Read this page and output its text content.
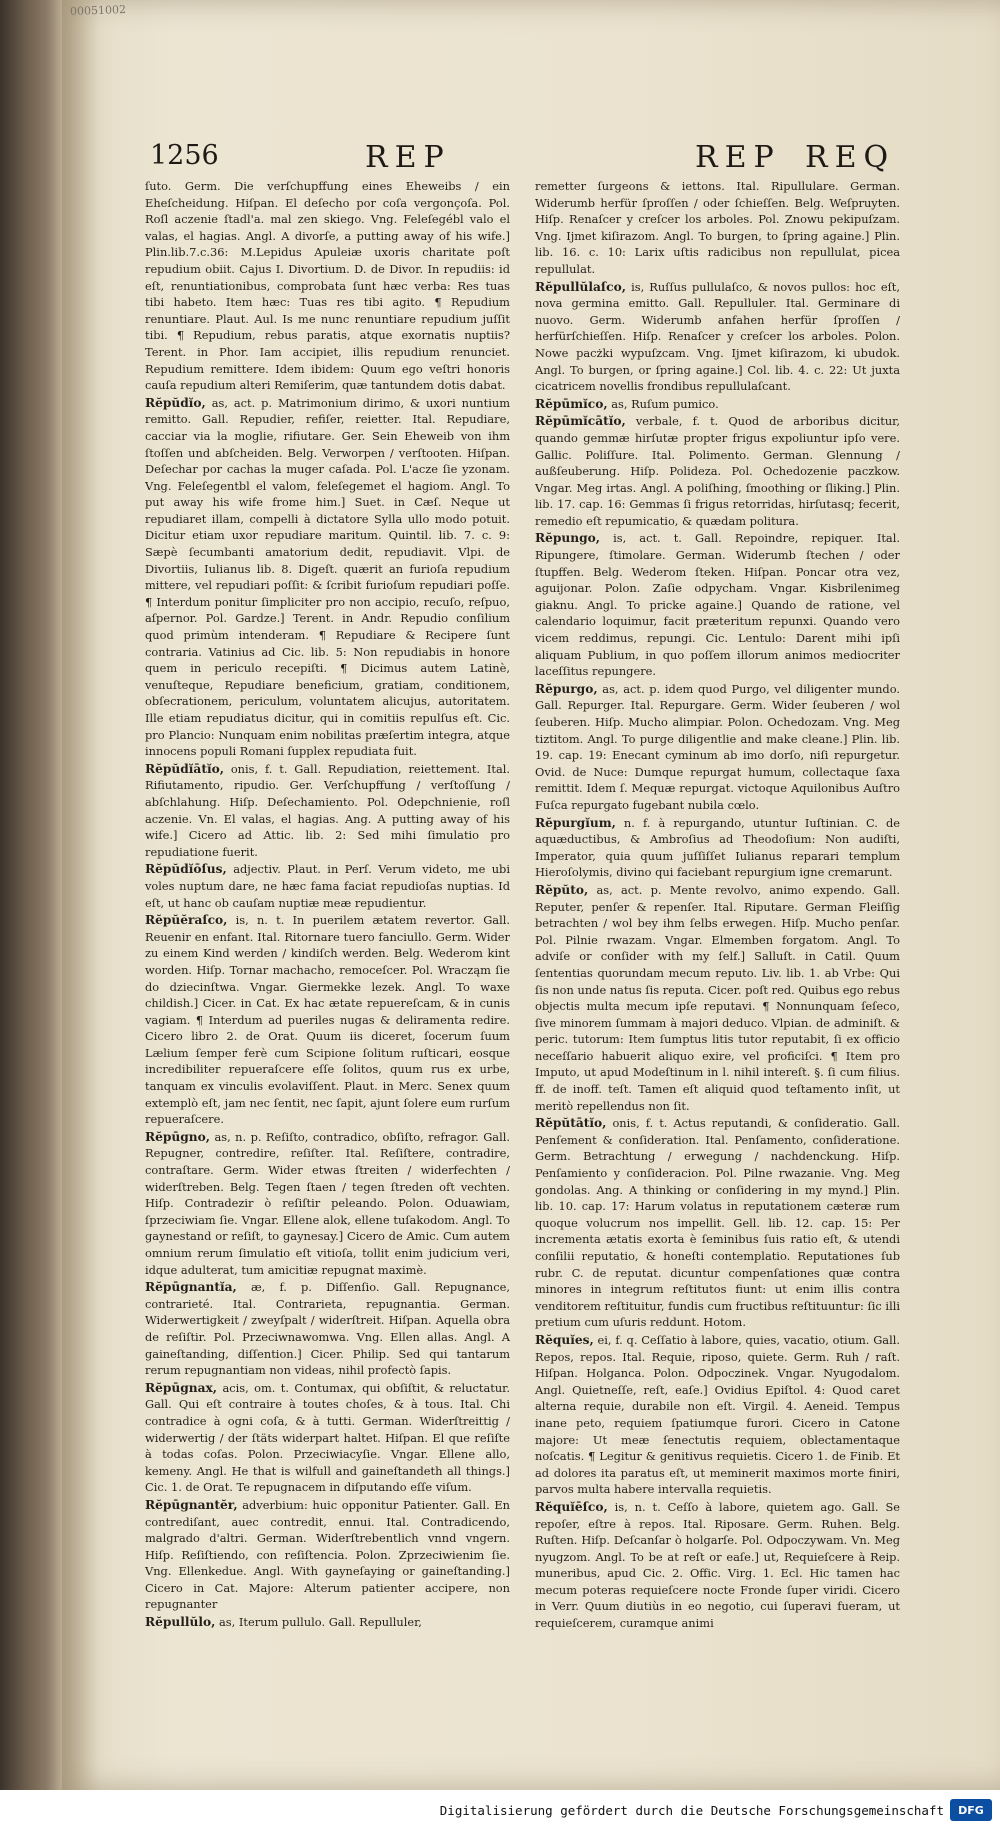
00051002
1256	REP	REP REQ

ſuto. Germ. Die verſchupffung eines Eheweibs / ein Eheſcheidung. Hiſpan. El deſecho por coſa vergonçoſa. Pol. Roſl aczenie ſtadl'a. mal zen skiego. Vng. Feleſegébl valo el valas, el hagias. Angl. A divorſe, a putting away of his wife.] Plin.lib.7.c.36: M.Lepidus Apuleiæ uxoris charitate poſt repudium obiit. Cajus I. Divortium. D. de Divor. In repudiis: id eſt, renuntiationibus, comprobata ſunt hæc verba: Res tuas tibi habeto. Item hæc: Tuas res tibi agito. ¶ Repudium renuntiare. Plaut. Aul. Is me nunc renuntiare repudium juſſit tibi. ¶ Repudium, rebus paratis, atque exornatis nuptiis? Terent. in Phor. Iam accipiet, illis repudium renunciet. Repudium remittere. Idem ibidem: Quum ego veſtri honoris cauſa repudium alteri Remiſerim, quæ tantundem dotis dabat.

Rĕpŭdĭo, as, act. p. Matrimonium dirimo, & uxori nuntium remitto. Gall. Repudier, refiſer, reietter. Ital. Repudiare, cacciar via la moglie, rifiutare. Ger. Sein Eheweib von ihm ſtoſſen und abſcheiden. Belg. Verworpen / verſtooten. Hiſpan. Deſechar por cachas la muger caſada. Pol. L'acze ſie yzonam. Vng. Feleſegentbl el valom, feleſegemet el hagiom. Angl. To put away his wife frome him.] Suet. in Cæſ. Neque ut repudiaret illam, compelli à dictatore Sylla ullo modo potuit. Dicitur etiam uxor repudiare maritum. Quintil. lib. 7. c. 9: Sæpè ſecumbanti amatorium dedit, repudiavit. Vlpi. de Divortiis, Iulianus lib. 8. Digeſt. quærit an furioſa repudium mittere, vel repudiari poſſit: & ſcribit furioſum repudiari poſſe. ¶ Interdum ponitur ſimpliciter pro non accipio, recuſo, reſpuo, aſpernor. Pol. Gardze.] Terent. in Andr. Repudio conſilium quod primùm intenderam. ¶ Repudiare & Recipere ſunt contraria. Vatinius ad Cic. lib. 5: Non repudiabis in honore quem in periculo recepiſti. ¶ Dicimus autem Latinè, venuſteque, Repudiare beneficium, gratiam, conditionem, obſecrationem, periculum, voluntatem alicujus, autoritatem. Ille etiam repudiatus dicitur, qui in comitiis repulſus eſt. Cic. pro Plancio: Nunquam enim nobilitas præſertim integra, atque innocens populi Romani ſupplex repudiata fuit.

Rĕpŭdĭātĭo, onis, f. t. Gall. Repudiation, reiettement. Ital. Rifiutamento, ripudio. Ger. Verſchupffung / verſtoſſung / abſchlahung. Hiſp. Deſechamiento. Pol. Odepchnienie, roſl aczenie. Vn. El valas, el hagias. Ang. A putting away of his wife.] Cicero ad Attic. lib. 2: Sed mihi ſimulatio pro repudiatione fuerit.

Rĕpŭdĭōſus, adjectiv. Plaut. in Perſ. Verum videto, me ubi voles nuptum dare, ne hæc fama faciat repudioſas nuptias. Id eſt, ut hanc ob cauſam nuptiæ meæ repudientur.

Rĕpŭĕraſco, is, n. t. In puerilem ætatem revertor. Gall. Reuenir en enfant. Ital. Ritornare tuero fanciullo. Germ. Wider zu einem Kind werden / kindiſch werden. Belg. Wederom kint worden. Hiſp. Tornar machacho, remoceſcer. Pol. Wracząm ſie do dziecinſtwa. Vngar. Giermekke lezek. Angl. To waxe childish.] Cicer. in Cat. Ex hac ætate repuereſcam, & in cunis vagiam. ¶ Interdum ad pueriles nugas & deliramenta redire. Cicero libro 2. de Orat. Quum iis diceret, ſocerum ſuum Lælium ſemper ferè cum Scipione ſolitum ruſticari, eosque incredibiliter repueraſcere eſſe ſolitos, quum rus ex urbe, tanquam ex vinculis evolaviſſent. Plaut. in Merc. Senex quum extemplò eſt, jam nec ſentit, nec ſapit, ajunt ſolere eum rurſum repueraſcere.

Rĕpūgno, as, n. p. Reſiſto, contradico, obſiſto, refragor. Gall. Repugner, contredire, reſiſter. Ital. Reſiſtere, contradire, contraſtare. Germ. Wider etwas ſtreiten / widerfechten / widerſtreben. Belg. Tegen ſtaen / tegen ſtreden oft vechten. Hiſp. Contradezir ò reſiſtir peleando. Polon. Oduawiam, ſprzeciwiam ſie. Vngar. Ellene alok, ellene tuſakodom. Angl. To gaynestand or reſiſt, to gaynesay.] Cicero de Amic. Cum autem omnium rerum ſimulatio eſt vitioſa, tollit enim judicium veri, idque adulterat, tum amicitiæ repugnat maximè.

Rĕpūgnantĭa, æ, f. p. Diſſenſio. Gall. Repugnance, contrarieté. Ital. Contrarieta, repugnantia. German. Widerwertigkeit / zweyſpalt / widerſtreit. Hiſpan. Aquella obra de reſiſtir. Pol. Przeciwnawomwa. Vng. Ellen allas. Angl. A gaineſtanding, diſſention.] Cicer. Philip. Sed qui tantarum rerum repugnantiam non videas, nihil profectò ſapis.

Rĕpūgnax, acis, om. t. Contumax, qui obſiſtit, & reluctatur. Gall. Qui eſt contraire à toutes choſes, & à tous. Ital. Chi contradice à ogni coſa, & à tutti. German. Widerſtreittig / widerwertig / der ſtäts widerpart haltet. Hiſpan. El que reſiſte à todas coſas. Polon. Przeciwiacyſie. Vngar. Ellene allo, kemeny. Angl. He that is wilfull and gaineſtandeth all things.] Cic. 1. de Orat. Te repugnacem in diſputando eſſe viſum.

Rĕpūgnantĕr, adverbium: huic opponitur Patienter. Gall. En contrediſant, auec contredit, ennui. Ital. Contradicendo, malgrado d'altri. German. Widerſtrebentlich vnnd vngern. Hiſp. Reſiſtiendo, con reſiſtencia. Polon. Zprzeciwienim ſie. Vng. Ellenkedue. Angl. With gayneſaying or gaineſtanding.] Cicero in Cat. Majore: Alterum patienter accipere, non repugnanter

Rĕpullŭlo, as, Iterum pullulo. Gall. Repulluler,

remetter ſurgeons & iettons. Ital. Ripullulare. German. Widerumb herfür ſproſſen / oder ſchieſſen. Belg. Weſpruyten. Hiſp. Renaſcer y creſcer los arboles. Pol. Znowu pekipuſzam. Vng. Ijmet kiſirazom. Angl. To burgen, to ſpring againe.] Plin. lib. 16. c. 10: Larix uſtis radicibus non repullulat, picea repullulat.

Rĕpullŭlaſco, is, Ruſſus pullulaſco, & novos pullos: hoc eſt, nova germina emitto. Gall. Repulluler. Ital. Germinare di nuovo. Germ. Widerumb anfahen herfür ſproſſen / herfürſchieſſen. Hiſp. Renaſcer y creſcer los arboles. Polon. Nowe pacżki wypuſzcam. Vng. Ijmet kiſirazom, ki ubudok. Angl. To burgen, or ſpring againe.] Col. lib. 4. c. 22: Ut juxta cicatricem novellis frondibus repullulaſcant.

Rĕpūmĭco, as, Ruſum pumico.

Rĕpūmĭcātĭo, verbale, f. t. Quod de arboribus dicitur, quando gemmæ hirſutæ propter frigus expoliuntur ipſo vere. Gallic. Poliſſure. Ital. Polimento. German. Glennung / außſeuberung. Hiſp. Polideza. Pol. Ochedozenie paczkow. Vngar. Meg irtas. Angl. A poliſhing, ſmoothing or ſliking.] Plin. lib. 17. cap. 16: Gemmas ſi frigus retorridas, hirſutasq; fecerit, remedio eſt repumicatio, & quædam politura.

Rĕpungo, is, act. t. Gall. Repoindre, repiquer. Ital. Ripungere, ſtimolare. German. Widerumb ſtechen / oder ſtupffen. Belg. Wederom ſteken. Hiſpan. Poncar otra vez, aguijonar. Polon. Zaſie odpycham. Vngar. Kisbrilenimeg giaknu. Angl. To pricke againe.] Quando de ratione, vel calendario loquimur, facit præteritum repunxi. Quando vero vicem reddimus, repungi. Cic. Lentulo: Darent mihi ipſi aliquam Publium, in quo poſſem illorum animos mediocriter laceſſitus repungere.

Rĕpurgo, as, act. p. idem quod Purgo, vel diligenter mundo. Gall. Repurger. Ital. Repurgare. Germ. Wider ſeuberen / wol ſeuberen. Hiſp. Mucho alimpiar. Polon. Ochedozam. Vng. Meg tiztitom. Angl. To purge diligentlie and make cleane.] Plin. lib. 19. cap. 19: Enecant cyminum ab imo dorſo, niſi repurgetur. Ovid. de Nuce: Dumque repurgat humum, collectaque ſaxa remittit. Idem ſ. Mequæ repurgat. victoque Aquilonibus Auſtro Fuſca repurgato fugebant nubila cœlo.

Rĕpurgĭum, n. f. à repurgando, utuntur Iuſtinian. C. de aquæductibus, & Ambroſius ad Theodoſium: Non audiſti, Imperator, quia quum juſſiſſet Iulianus reparari templum Hieroſolymis, divino qui faciebant repurgium igne cremarunt.

Rĕpŭto, as, act. p. Mente revolvo, animo expendo. Gall. Reputer, penſer & repenſer. Ital. Riputare. German Fleiſſig betrachten / wol bey ihm ſelbs erwegen. Hiſp. Mucho penſar. Pol. Pilnie rwazam. Vngar. Elmemben forgatom. Angl. To adviſe or conſider with my ſelf.] Salluſt. in Catil. Quum ſententias quorundam mecum reputo. Liv. lib. 1. ab Vrbe: Qui ſis non unde natus ſis reputa. Cicer. poſt red. Quibus ego rebus objectis multa mecum ipſe reputavi. ¶ Nonnunquam ſeſeco, ſive minorem ſummam à majori deduco. Vlpian. de adminiſt. & peric. tutorum: Item ſumptus litis tutor reputabit, ſi ex officio neceſſario habuerit aliquo exire, vel proficiſci. ¶ Item pro Imputo, ut apud Modeſtinum in l. nihil intereſt. §. ſi cum filius. ff. de inoff. teſt. Tamen eſt aliquid quod teſtamento inſit, ut meritò repellendus non ſit.

Rĕpŭtātĭo, onis, f. t. Actus reputandi, & conſideratio. Gall. Penſement & conſideration. Ital. Penſamento, conſideratione. Germ. Betrachtung / erwegung / nachdenckung. Hiſp. Penſamiento y conſideracion. Pol. Pilne rwazanie. Vng. Meg gondolas. Ang. A thinking or conſidering in my mynd.] Plin. lib. 10. cap. 17: Harum volatus in reputationem cæteræ rum quoque volucrum nos impellit. Gell. lib. 12. cap. 15: Per incrementa ætatis exorta è ſeminibus ſuis ratio eſt, & utendi conſilii reputatio, & honeſti contemplatio. Reputationes ſub rubr. C. de reputat. dicuntur compenſationes quæ contra minores in integrum reſtitutos fiunt: ut enim illis contra venditorem reſtituitur, fundis cum fructibus reſtituuntur: ſic illi pretium cum uſuris reddunt. Hotom.

Rĕquĭes, ei, f. q. Ceſſatio à labore, quies, vacatio, otium. Gall. Repos, repos. Ital. Requie, riposo, quiete. Germ. Ruh / raſt. Hiſpan. Holganca. Polon. Odpoczinek. Vngar. Nyugodalom. Angl. Quietneſſe, reſt, eaſe.] Ovidius Epiſtol. 4: Quod caret alterna requie, durabile non eſt. Virgil. 4. Aeneid. Tempus inane peto, requiem ſpatiumque furori. Cicero in Catone majore: Ut meæ ſenectutis requiem, oblectamentaque noſcatis. ¶ Legitur & genitivus requietis. Cicero 1. de Finib. Et ad dolores ita paratus eſt, ut meminerit maximos morte finiri, parvos multa habere intervalla requietis.

Rĕquĭēſco, is, n. t. Ceſſo à labore, quietem ago. Gall. Se repoſer, eſtre à repos. Ital. Riposare. Germ. Ruhen. Belg. Ruſten. Hiſp. Deſcanſar ò holgarſe. Pol. Odpoczywam. Vn. Meg nyugzom. Angl. To be at reſt or eaſe.] ut, Requieſcere à Reip. muneribus, apud Cic. 2. Offic. Virg. 1. Ecl. Hic tamen hac mecum poteras requieſcere nocte Fronde ſuper viridi. Cicero in Verr. Quum diutiùs in eo negotio, cui ſuperavi fueram, ut requieſcerem, curamque animi

Digitalisierung gefördert durch die Deutsche Forschungsgemeinschaft	DFG
